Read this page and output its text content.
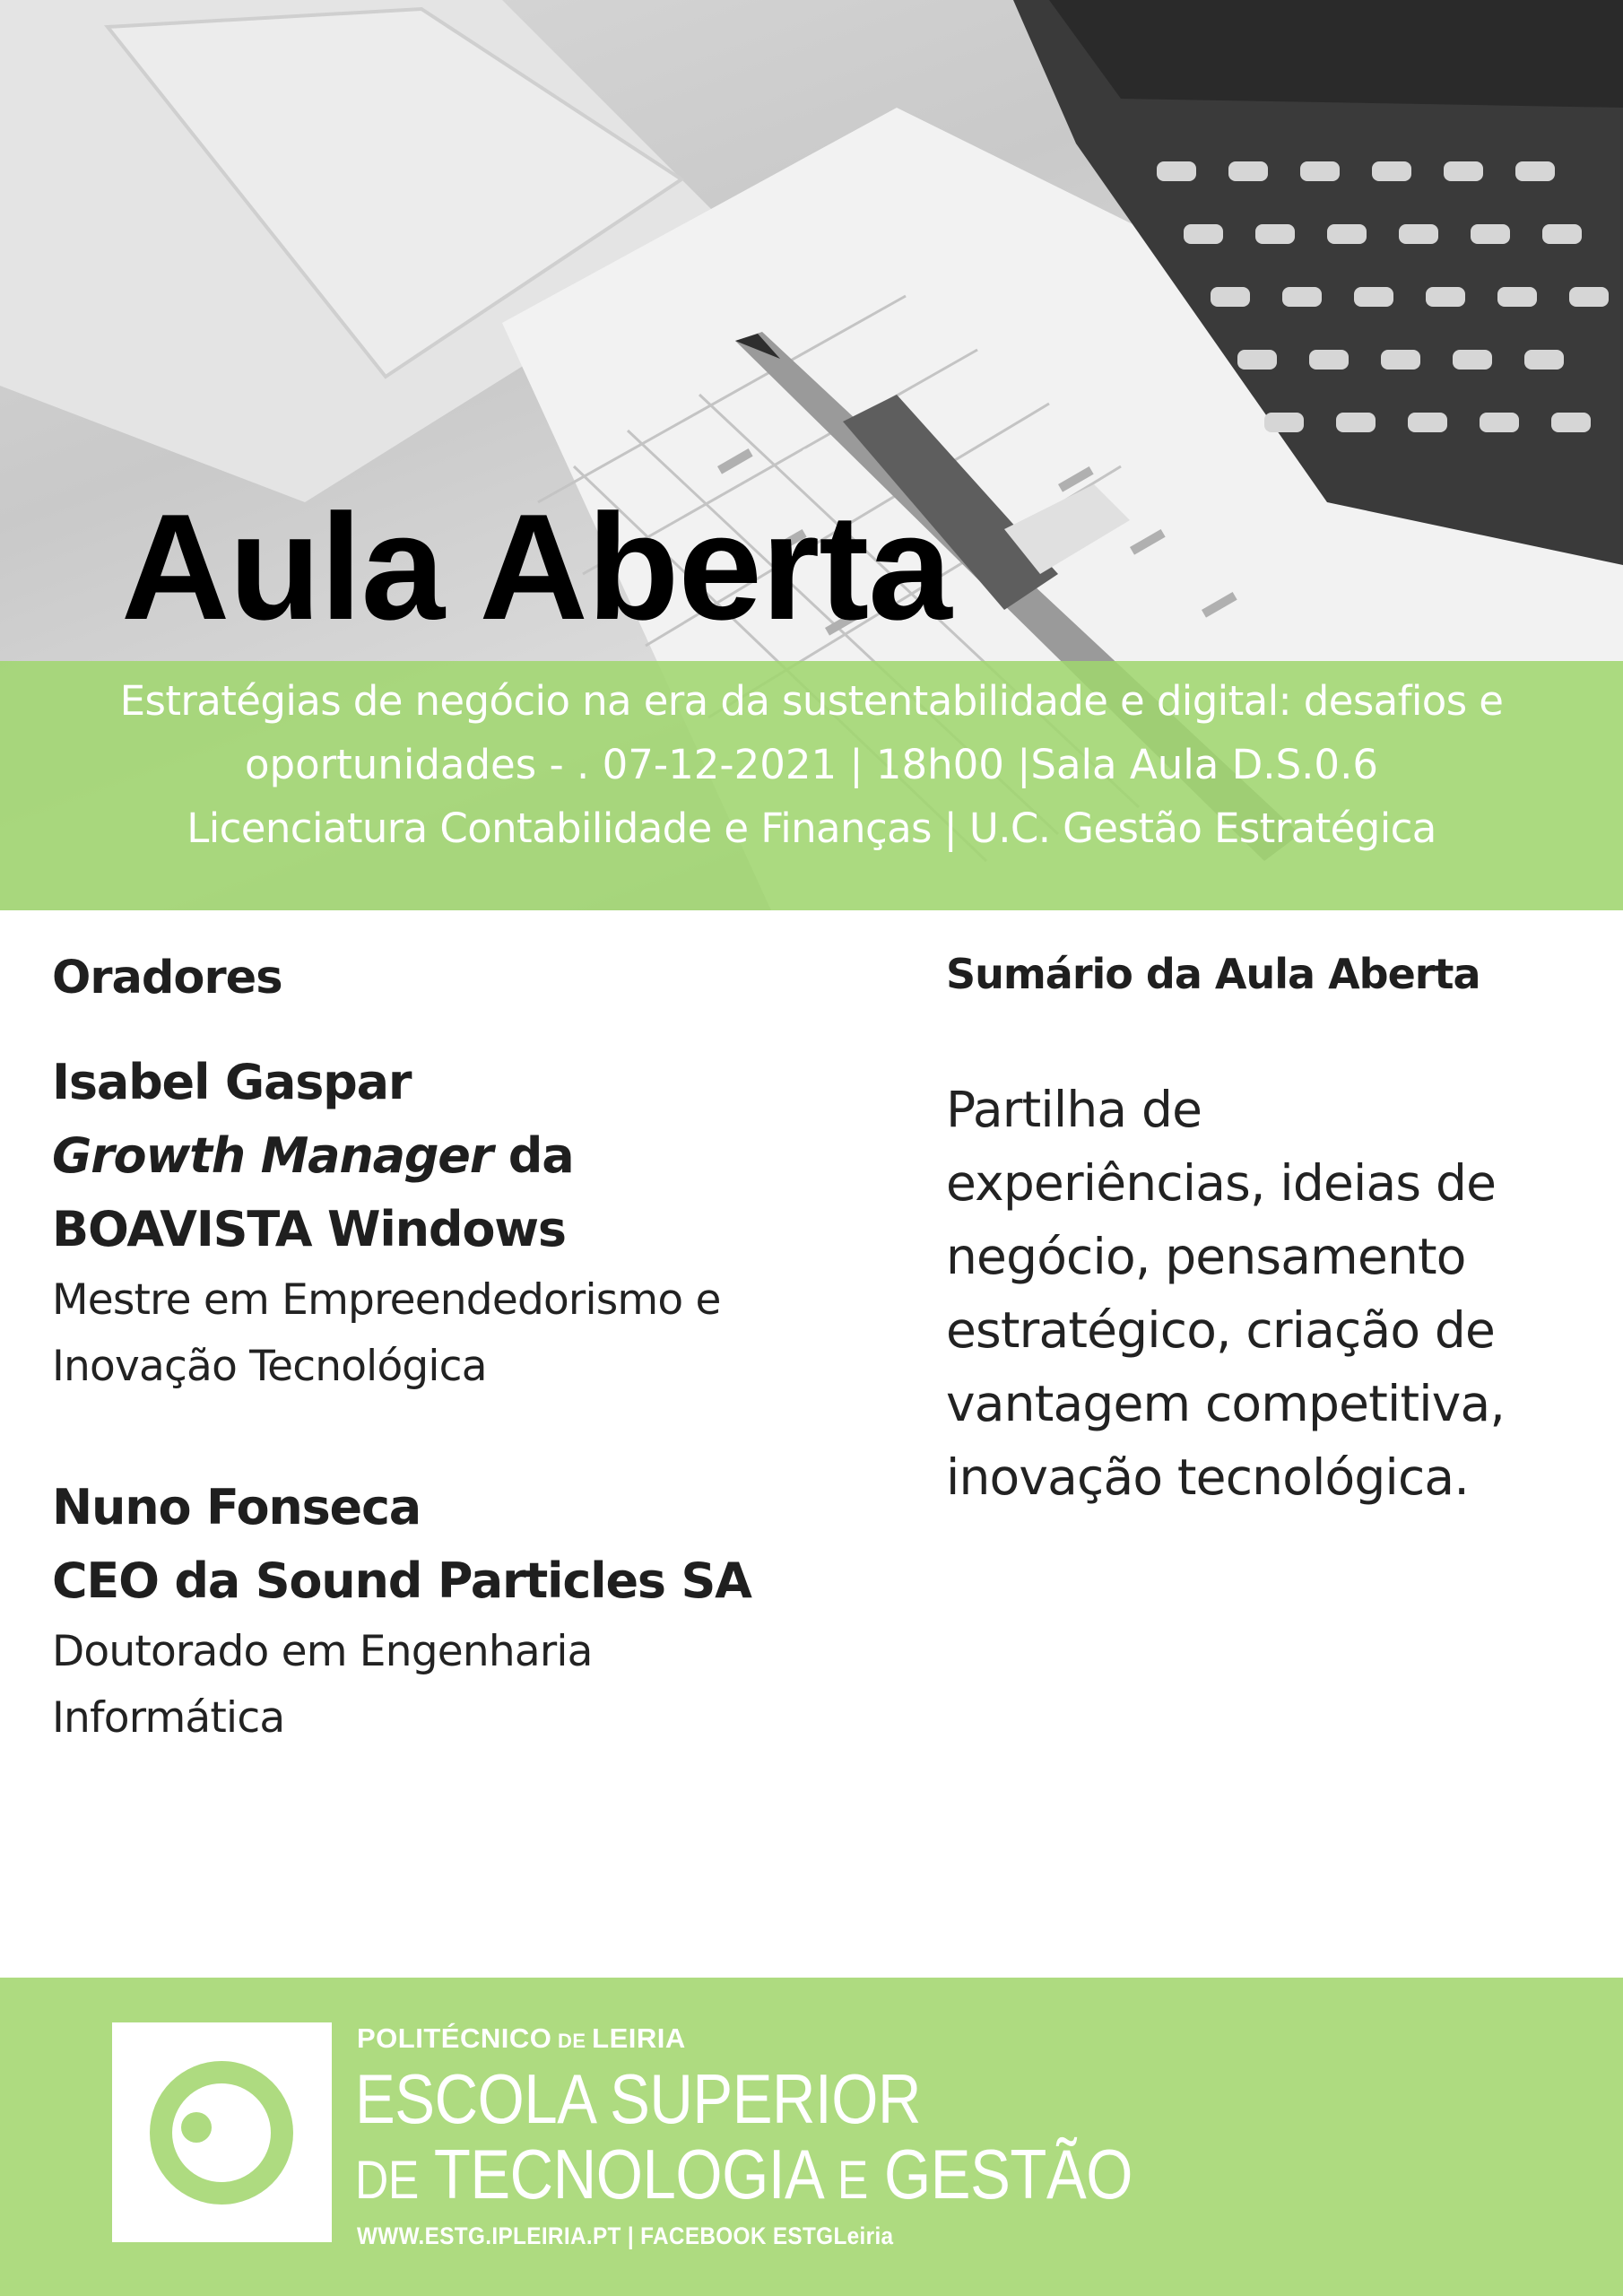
s
Aula Aberta

Estratégias de negócio na era da sustentabilidade e digital: desafios e

oportunidades - . 07-12-2021 | 18h00 |Sala Aula D.S.0.6

Licenciatura Contabilidade e Finanças | U.C. Gestão Estratégica

Oradores

Isabel Gaspar

Growth Manager da

BOAVISTA Windows

Mestre em Empreendedorismo e

Inovação Tecnológica

Nuno Fonseca

CEO da Sound Particles SA

Doutorado em Engenharia

Informática

Sumário da Aula Aberta

Partilha de

experiências, ideias de

negócio, pensamento

estratégico, criação de

vantagem competitiva,

inovação tecnológica.

POLITÉCNICO DE LEIRIA

ESCOLA SUPERIOR

DE TECNOLOGIA E GESTÃO

WWW.ESTG.IPLEIRIA.PT | FACEBOOK ESTGLeiria
